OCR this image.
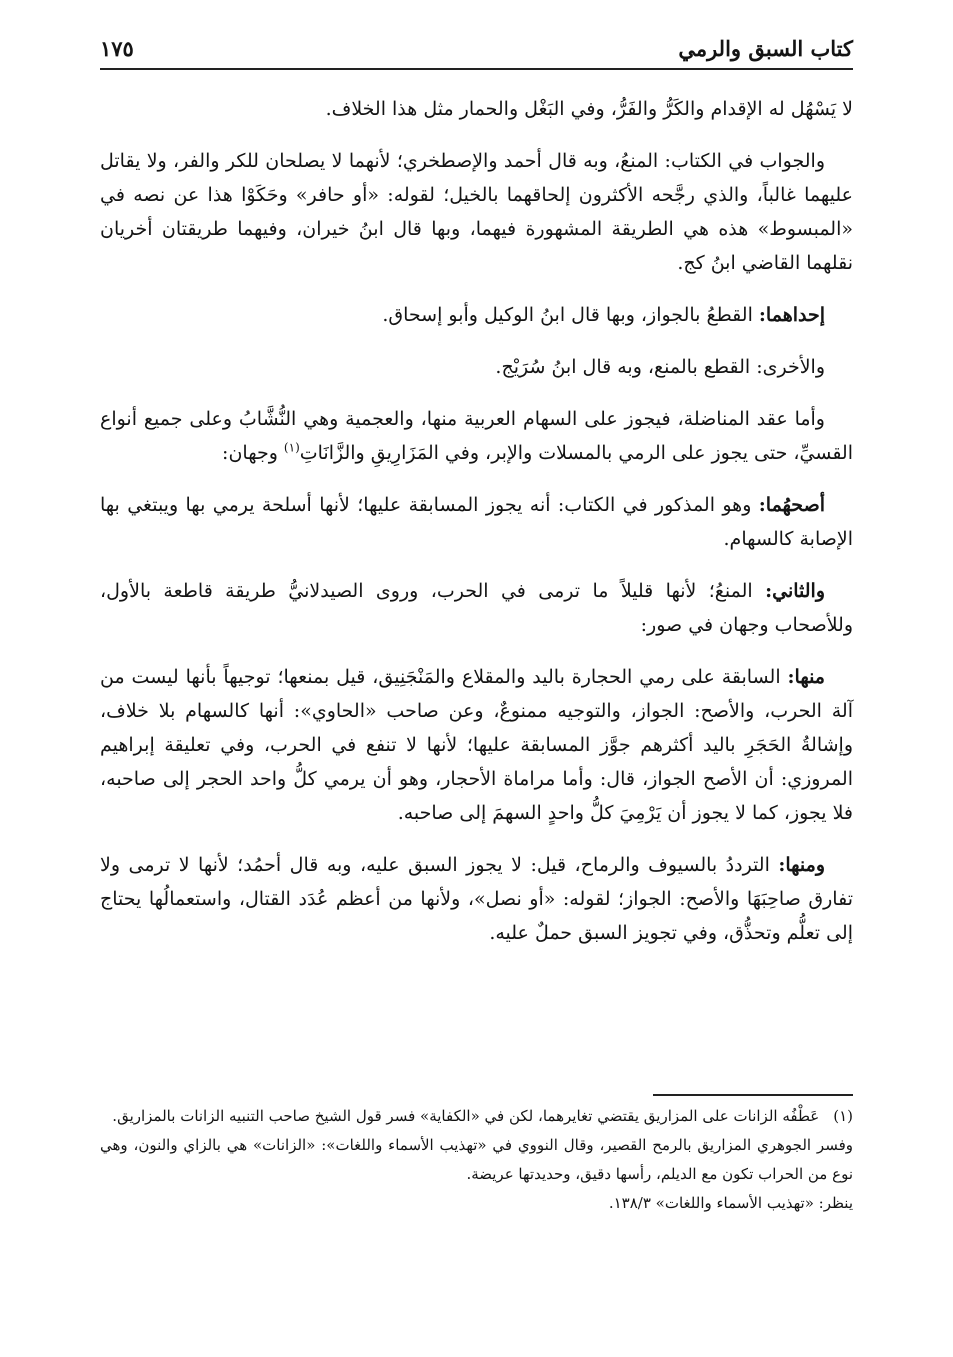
كتاب السبق والرمي
١٧٥

لا يَسْهُل له الإقدام والكَرُّ والفَرُّ، وفي البَغْل والحمار مثل هذا الخلاف.

والجواب في الكتاب: المنعُ، وبه قال أحمد والإصطخري؛ لأنهما لا يصلحان للكر والفر، ولا يقاتل عليهما غالباً، والذي رجَّحه الأكثرون إلحاقهما بالخيل؛ لقوله: «أو حافر» وحَكَوْا هذا عن نصه في «المبسوط» هذه هي الطريقة المشهورة فيهما، وبها قال ابنُ خيران، وفيهما طريقتان أخريان نقلهما القاضي ابنُ كج.

إحداهما: القطعُ بالجواز، وبها قال ابنُ الوكيل وأبو إسحاق.

والأخرى: القطع بالمنع، وبه قال ابنُ سُرَيْج.

وأما عقد المناضلة، فيجوز على السهام العربية منها، والعجمية وهي النُّشَّابُ وعلى جميع أنواع القسيِّ، حتى يجوز على الرمي بالمسلات والإبر، وفي المَزَارِيقِ والزَّانَاتِ$^{(١)}$ وجهان:

أصحهُما: وهو المذكور في الكتاب: أنه يجوز المسابقة عليها؛ لأنها أسلحة يرمي بها ويبتغي بها الإصابة كالسهام.

والثاني: المنعُ؛ لأنها قليلاً ما ترمى في الحرب، وروى الصيدلانيُّ طريقة قاطعة بالأول، وللأصحاب وجهان في صور:

منها: السابقة على رمي الحجارة باليد والمقلاع والمَنْجَنِيق، قيل بمنعها؛ توجيهاً بأنها ليست من آلة الحرب، والأصح: الجواز، والتوجيه ممنوعٌ، وعن صاحب «الحاوي»: أنها كالسهام بلا خلاف، وإشالةُ الحَجَرِ باليد أكثرهم جوَّز المسابقة عليها؛ لأنها لا تنفع في الحرب، وفي تعليقة إبراهيم المروزي: أن الأصح الجواز، قال: وأما مراماة الأحجار، وهو أن يرمي كلُّ واحد الحجر إلى صاحبه، فلا يجوز، كما لا يجوز أن يَرْمِيَ كلُّ واحدٍ السهمَ إلى صاحبه.

ومنها: الترددُ بالسيوف والرماح، قيل: لا يجوز السبق عليه، وبه قال أحمُد؛ لأنها لا ترمى ولا تفارق صاحِبَهَا والأصح: الجواز؛ لقوله: «أو نصل»، ولأنها من أعظم عُدَد القتال، واستعمالُها يحتاج إلى تعلُّم وتحذُّق، وفي تجويز السبق حملٌ عليه.

(١)عَطْفُه الزانات على المزاريق يقتضي تغايرهما، لكن في «الكفاية» فسر قول الشيخ صاحب التنبيه الزانات بالمزاريق.

وفسر الجوهري المزاريق بالرمح القصير، وقال النووي في «تهذيب الأسماء واللغات»: «الزانات» هي بالزاي والنون، وهي نوع من الحراب تكون مع الديلم، رأسها دقيق، وحديدتها عريضة.

ينظر: «تهذيب الأسماء واللغات» ١٣٨/٣.
